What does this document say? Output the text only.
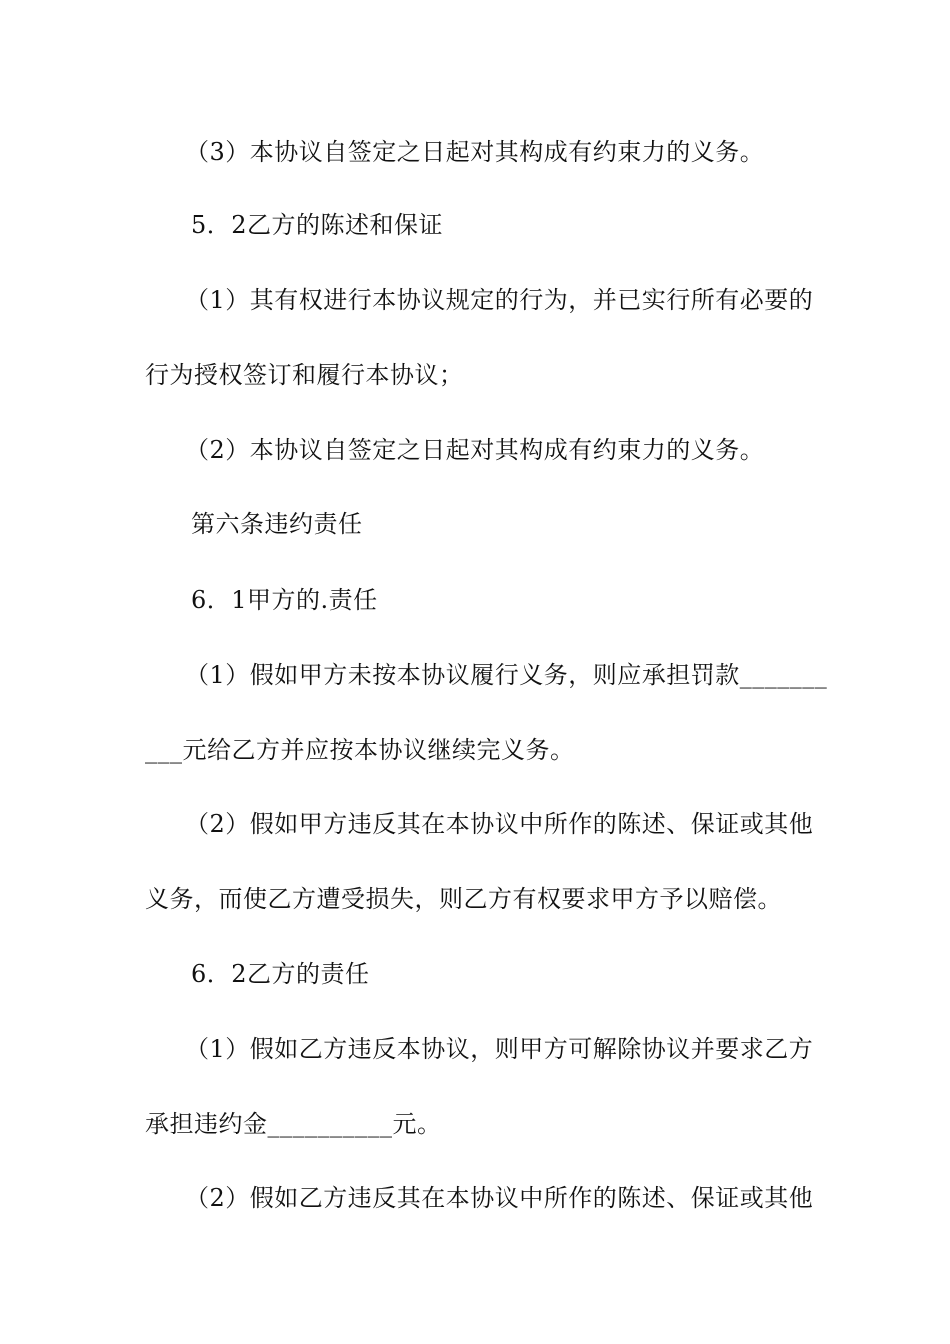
（3）本协议自签定之日起对其构成有约束力的义务。
5．2乙方的陈述和保证
（1）其有权进行本协议规定的行为，并已实行所有必要的
行为授权签订和履行本协议；
（2）本协议自签定之日起对其构成有约束力的义务。
第六条违约责任
6．1甲方的.责任
（1）假如甲方未按本协议履行义务，则应承担罚款_______
___元给乙方并应按本协议继续完义务。
（2）假如甲方违反其在本协议中所作的陈述、保证或其他
义务，而使乙方遭受损失，则乙方有权要求甲方予以赔偿。
6．2乙方的责任
（1）假如乙方违反本协议，则甲方可解除协议并要求乙方
承担违约金__________元。
（2）假如乙方违反其在本协议中所作的陈述、保证或其他
